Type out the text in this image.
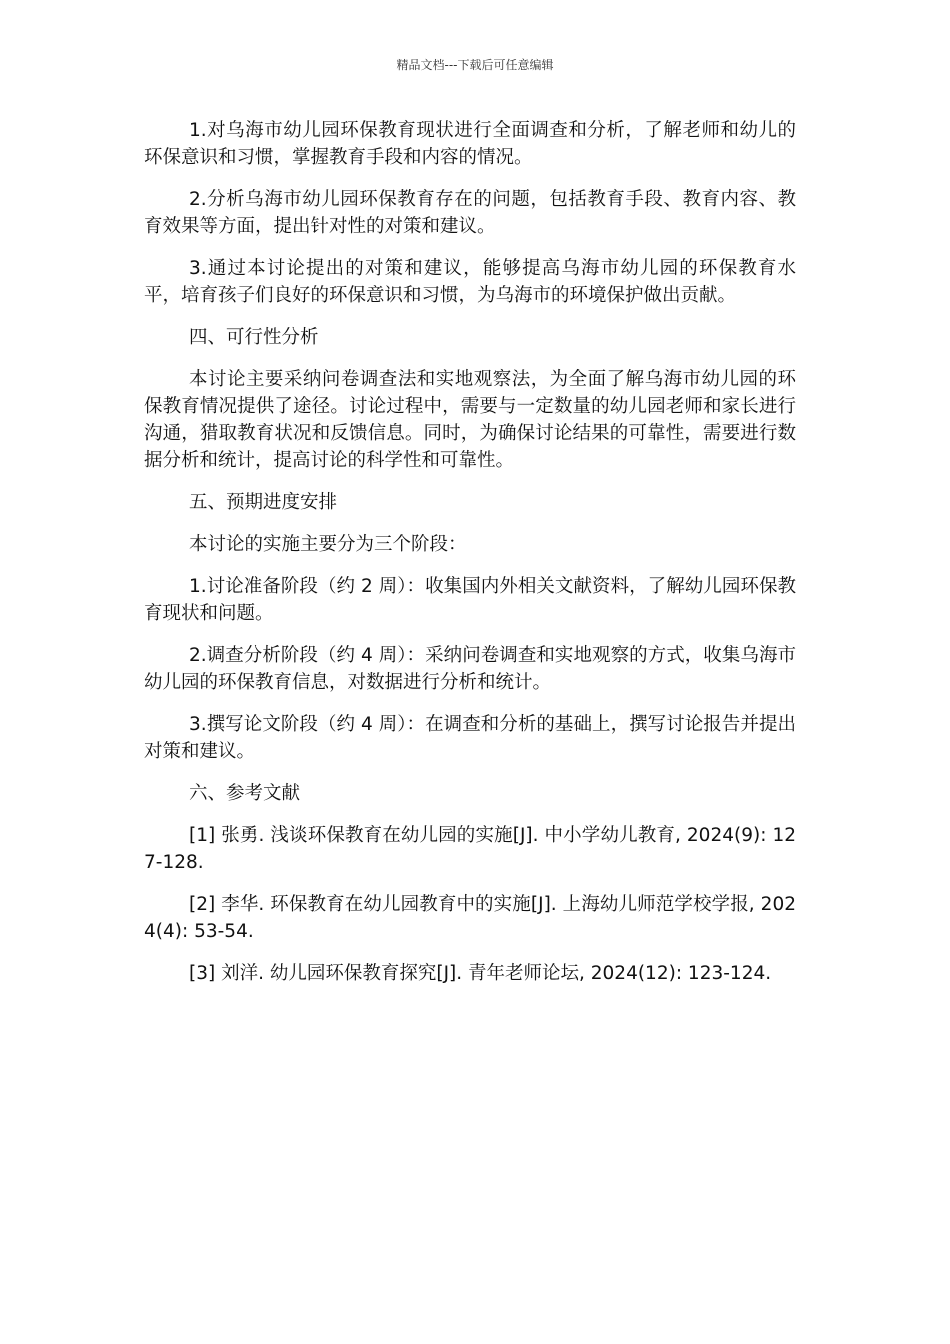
精品文档---下载后可任意编辑

1.对乌海市幼儿园环保教育现状进行全面调查和分析，了解老师和幼儿的环保意识和习惯，掌握教育手段和内容的情况。

2.分析乌海市幼儿园环保教育存在的问题，包括教育手段、教育内容、教育效果等方面，提出针对性的对策和建议。

3.通过本讨论提出的对策和建议，能够提高乌海市幼儿园的环保教育水平，培育孩子们良好的环保意识和习惯，为乌海市的环境保护做出贡献。

四、可行性分析

本讨论主要采纳问卷调查法和实地观察法，为全面了解乌海市幼儿园的环保教育情况提供了途径。讨论过程中，需要与一定数量的幼儿园老师和家长进行沟通，猎取教育状况和反馈信息。同时，为确保讨论结果的可靠性，需要进行数据分析和统计，提高讨论的科学性和可靠性。

五、预期进度安排

本讨论的实施主要分为三个阶段：

1.讨论准备阶段（约 2 周）：收集国内外相关文献资料，了解幼儿园环保教育现状和问题。

2.调查分析阶段（约 4 周）：采纳问卷调查和实地观察的方式，收集乌海市幼儿园的环保教育信息，对数据进行分析和统计。

3.撰写论文阶段（约 4 周）：在调查和分析的基础上，撰写讨论报告并提出对策和建议。

六、参考文献

[1] 张勇. 浅谈环保教育在幼儿园的实施[J]. 中小学幼儿教育, 2024(9): 127-128.

[2] 李华. 环保教育在幼儿园教育中的实施[J]. 上海幼儿师范学校学报, 2024(4): 53-54.

[3] 刘洋. 幼儿园环保教育探究[J]. 青年老师论坛, 2024(12): 123-124.
